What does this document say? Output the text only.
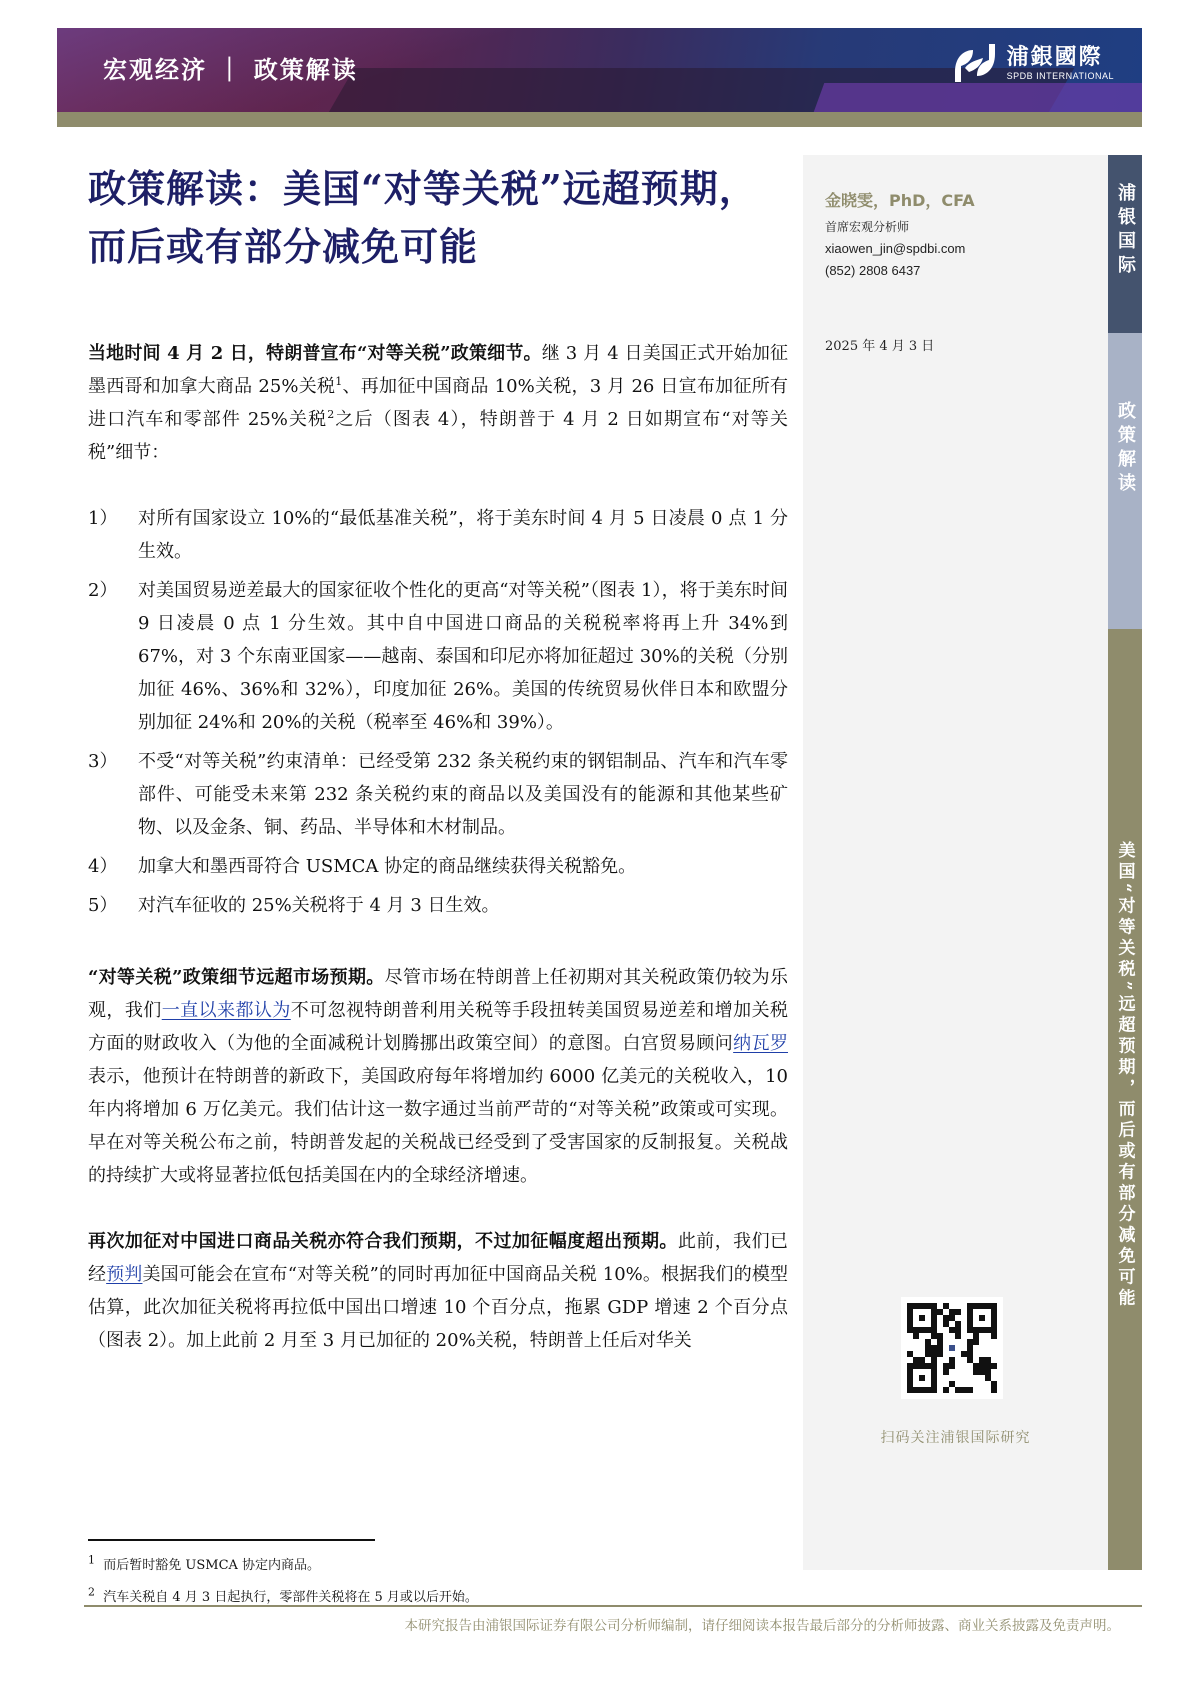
宏观经济 ｜ 政策解读	浦銀國際
SPDB INTERNATIONAL
政策解读：美国“对等关税”远超预期，而后或有部分减免可能
金晓雯，PhD，CFA
首席宏观分析师
xiaowen_jin@spdbi.com
(852) 2808 6437
2025 年 4 月 3 日
扫码关注浦银国际研究
浦银国际
政策解读
美国“对等关税”远超预期，而后或有部分减免可能

当地时间 4 月 2 日，特朗普宣布“对等关税”政策细节。继 3 月 4 日美国正式开始加征墨西哥和加拿大商品 25%关税$^1$、再加征中国商品 10%关税，3 月 26 日宣布加征所有进口汽车和零部件 25%关税$^2$之后（图表 4），特朗普于 4 月 2 日如期宣布“对等关税”细节：

1）	对所有国家设立 10%的“最低基准关税”，将于美东时间 4 月 5 日凌晨 0 点 1 分生效。
2）	对美国贸易逆差最大的国家征收个性化的更高“对等关税”（图表 1），将于美东时间 9 日凌晨 0 点 1 分生效。其中自中国进口商品的关税税率将再上升 34%到 67%，对 3 个东南亚国家——越南、泰国和印尼亦将加征超过 30%的关税（分别加征 46%、36%和 32%），印度加征 26%。美国的传统贸易伙伴日本和欧盟分别加征 24%和 20%的关税（税率至 46%和 39%）。
3）	不受“对等关税”约束清单：已经受第 232 条关税约束的钢铝制品、汽车和汽车零部件、可能受未来第 232 条关税约束的商品以及美国没有的能源和其他某些矿物、以及金条、铜、药品、半导体和木材制品。
4）	加拿大和墨西哥符合 USMCA 协定的商品继续获得关税豁免。
5）	对汽车征收的 25%关税将于 4 月 3 日生效。

“对等关税”政策细节远超市场预期。尽管市场在特朗普上任初期对其关税政策仍较为乐观，我们一直以来都认为不可忽视特朗普利用关税等手段扭转美国贸易逆差和增加关税方面的财政收入（为他的全面减税计划腾挪出政策空间）的意图。白宫贸易顾问纳瓦罗表示，他预计在特朗普的新政下，美国政府每年将增加约 6000 亿美元的关税收入，10 年内将增加 6 万亿美元。我们估计这一数字通过当前严苛的“对等关税”政策或可实现。早在对等关税公布之前，特朗普发起的关税战已经受到了受害国家的反制报复。关税战的持续扩大或将显著拉低包括美国在内的全球经济增速。

再次加征对中国进口商品关税亦符合我们预期，不过加征幅度超出预期。此前，我们已经预判美国可能会在宣布“对等关税”的同时再加征中国商品关税 10%。根据我们的模型估算，此次加征关税将再拉低中国出口增速 10 个百分点，拖累 GDP 增速 2 个百分点（图表 2）。加上此前 2 月至 3 月已加征的 20%关税，特朗普上任后对华关

$^1$ 而后暂时豁免 USMCA 协定内商品。
$^2$ 汽车关税自 4 月 3 日起执行，零部件关税将在 5 月或以后开始。
本研究报告由浦银国际证券有限公司分析师编制，请仔细阅读本报告最后部分的分析师披露、商业关系披露及免责声明。
